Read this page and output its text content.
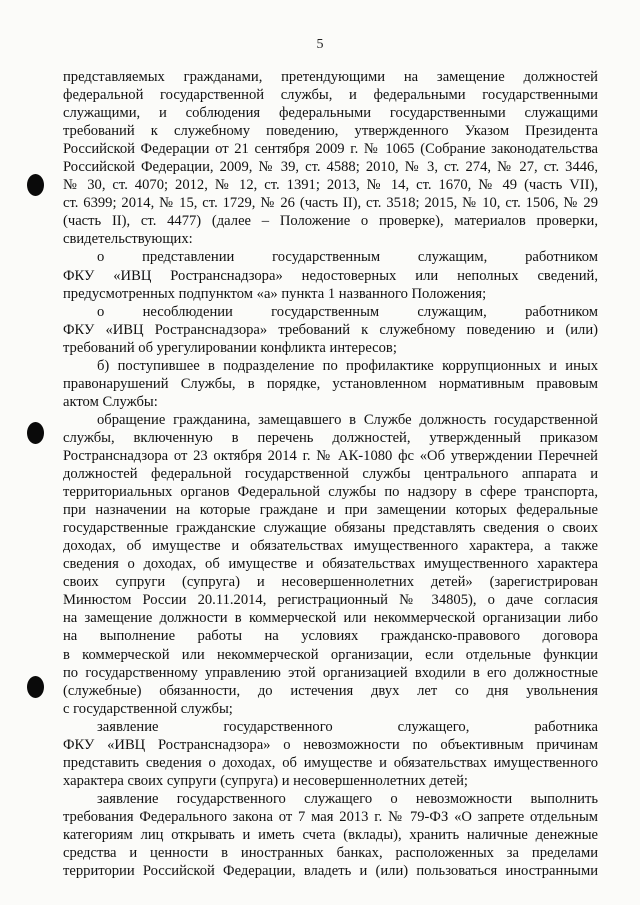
5

представляемых гражданами, претендующими на замещение должностей

федеральной государственной службы, и федеральными государственными

служащими, и соблюдения федеральными государственными служащими

требований к служебному поведению, утвержденного Указом Президента

Российской Федерации от 21 сентября 2009 г. № 1065 (Собрание законодательства

Российской Федерации, 2009, № 39, ст. 4588; 2010, № 3, ст. 274, № 27, ст. 3446,

№ 30, ст. 4070; 2012, № 12, ст. 1391; 2013, № 14, ст. 1670, № 49 (часть VII),

ст. 6399; 2014, № 15, ст. 1729, № 26 (часть II), ст. 3518; 2015, № 10, ст. 1506, № 29

(часть II), ст. 4477) (далее – Положение о проверке), материалов проверки,

свидетельствующих:

о представлении государственным служащим, работником

ФКУ «ИВЦ Ространснадзора» недостоверных или неполных сведений,

предусмотренных подпунктом «а» пункта 1 названного Положения;

о несоблюдении государственным служащим, работником

ФКУ «ИВЦ Ространснадзора» требований к служебному поведению и (или)

требований об урегулировании конфликта интересов;

б) поступившее в подразделение по профилактике коррупционных и иных

правонарушений Службы, в порядке, установленном нормативным правовым

актом Службы:

обращение гражданина, замещавшего в Службе должность государственной

службы, включенную в перечень должностей, утвержденный приказом

Ространснадзора от 23 октября 2014 г. № АК-1080 фс «Об утверждении Перечней

должностей федеральной государственной службы центрального аппарата и

территориальных органов Федеральной службы по надзору в сфере транспорта,

при назначении на которые граждане и при замещении которых федеральные

государственные гражданские служащие обязаны представлять сведения о своих

доходах, об имуществе и обязательствах имущественного характера, а также

сведения о доходах, об имуществе и обязательствах имущественного характера

своих супруги (супруга) и несовершеннолетних детей» (зарегистрирован

Минюстом России 20.11.2014, регистрационный № 34805), о даче согласия

на замещение должности в коммерческой или некоммерческой организации либо

на выполнение работы на условиях гражданско-правового договора

в коммерческой или некоммерческой организации, если отдельные функции

по государственному управлению этой организацией входили в его должностные

(служебные) обязанности, до истечения двух лет со дня увольнения

с государственной службы;

заявление государственного служащего, работника

ФКУ «ИВЦ Ространснадзора» о невозможности по объективным причинам

представить сведения о доходах, об имуществе и обязательствах имущественного

характера своих супруги (супруга) и несовершеннолетних детей;

заявление государственного служащего о невозможности выполнить

требования Федерального закона от 7 мая 2013 г. № 79-ФЗ «О запрете отдельным

категориям лиц открывать и иметь счета (вклады), хранить наличные денежные

средства и ценности в иностранных банках, расположенных за пределами

территории Российской Федерации, владеть и (или) пользоваться иностранными
